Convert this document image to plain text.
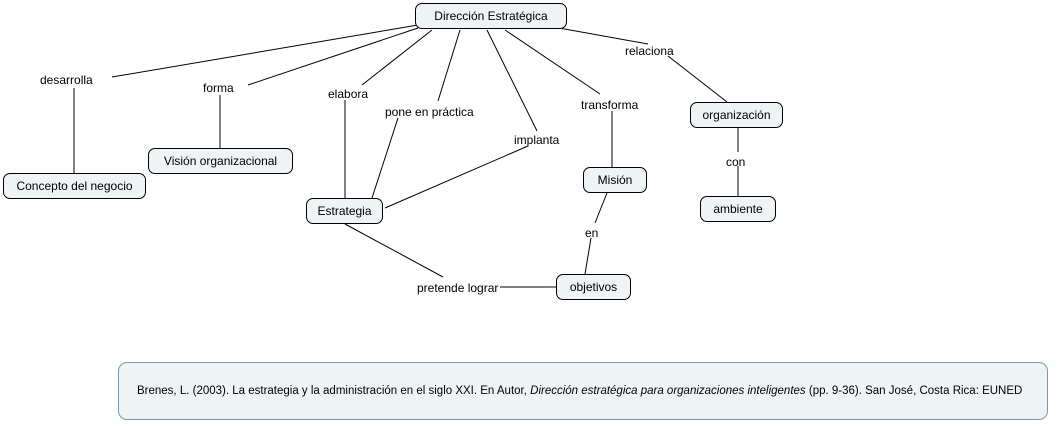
Dirección Estratégica
Concepto del negocio
Visión organizacional
Estrategia
Misión
organización
objetivos
ambiente
desarrolla
forma	elabora
pone en práctica
implanta
transforma
relaciona
con
en
pretende lograr
Brenes, L. (2003). La estrategia y la administración en el siglo XXI. En Autor, Dirección estratégica para organizaciones inteligentes (pp. 9-36). San José, Costa Rica: EUNED
